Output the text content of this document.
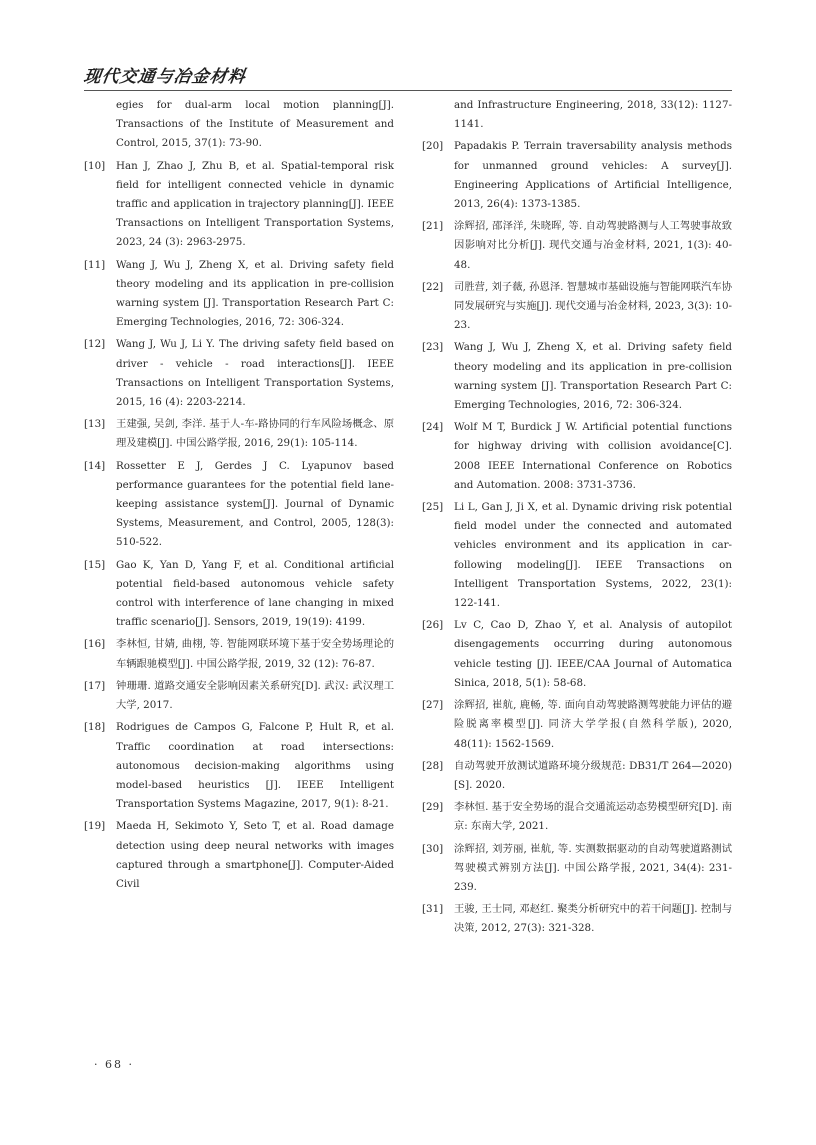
现代交通与冶金材料
egies for dual-arm local motion planning[J]. Transactions of the Institute of Measurement and Control, 2015, 37(1): 73-90.
[10] Han J, Zhao J, Zhu B, et al. Spatial-temporal risk field for intelligent connected vehicle in dynamic traffic and application in trajectory planning[J]. IEEE Transactions on Intelligent Transportation Systems, 2023, 24 (3): 2963-2975.
[11] Wang J, Wu J, Zheng X, et al. Driving safety field theory modeling and its application in pre-collision warning system [J]. Transportation Research Part C: Emerging Technologies, 2016, 72: 306-324.
[12] Wang J, Wu J, Li Y. The driving safety field based on driver - vehicle - road interactions[J]. IEEE Transactions on Intelligent Transportation Systems, 2015, 16 (4): 2203-2214.
[13] 王建强, 吴剑, 李洋. 基于人-车-路协同的行车风险场概念、原理及建模[J]. 中国公路学报, 2016, 29(1): 105-114.
[14] Rossetter E J, Gerdes J C. Lyapunov based performance guarantees for the potential field lane-keeping assistance system[J]. Journal of Dynamic Systems, Measurement, and Control, 2005, 128(3): 510-522.
[15] Gao K, Yan D, Yang F, et al. Conditional artificial potential field-based autonomous vehicle safety control with interference of lane changing in mixed traffic scenario[J]. Sensors, 2019, 19(19): 4199.
[16] 李林恒, 甘婧, 曲栩, 等. 智能网联环境下基于安全势场理论的车辆跟驰模型[J]. 中国公路学报, 2019, 32 (12): 76-87.
[17] 钟珊珊. 道路交通安全影响因素关系研究[D]. 武汉: 武汉理工大学, 2017.
[18] Rodrigues de Campos G, Falcone P, Hult R, et al. Traffic coordination at road intersections: autonomous decision-making algorithms using model-based heuristics [J]. IEEE Intelligent Transportation Systems Magazine, 2017, 9(1): 8-21.
[19] Maeda H, Sekimoto Y, Seto T, et al. Road damage detection using deep neural networks with images captured through a smartphone[J]. Computer-Aided Civil
and Infrastructure Engineering, 2018, 33(12): 1127-1141.
[20] Papadakis P. Terrain traversability analysis methods for unmanned ground vehicles: A survey[J]. Engineering Applications of Artificial Intelligence, 2013, 26(4): 1373-1385.
[21] 涂辉招, 邵泽洋, 朱晓晖, 等. 自动驾驶路测与人工驾驶事故致因影响对比分析[J]. 现代交通与冶金材料, 2021, 1(3): 40-48.
[22] 司胜营, 刘子薇, 孙恩泽. 智慧城市基础设施与智能网联汽车协同发展研究与实施[J]. 现代交通与冶金材料, 2023, 3(3): 10-23.
[23] Wang J, Wu J, Zheng X, et al. Driving safety field theory modeling and its application in pre-collision warning system [J]. Transportation Research Part C: Emerging Technologies, 2016, 72: 306-324.
[24] Wolf M T, Burdick J W. Artificial potential functions for highway driving with collision avoidance[C]. 2008 IEEE International Conference on Robotics and Automation. 2008: 3731-3736.
[25] Li L, Gan J, Ji X, et al. Dynamic driving risk potential field model under the connected and automated vehicles environment and its application in car-following modeling[J]. IEEE Transactions on Intelligent Transportation Systems, 2022, 23(1): 122-141.
[26] Lv C, Cao D, Zhao Y, et al. Analysis of autopilot disengagements occurring during autonomous vehicle testing [J]. IEEE/CAA Journal of Automatica Sinica, 2018, 5(1): 58-68.
[27] 涂辉招, 崔航, 鹿畅, 等. 面向自动驾驶路测驾驶能力评估的避险脱离率模型[J]. 同济大学学报(自然科学版), 2020, 48(11): 1562-1569.
[28] 自动驾驶开放测试道路环境分级规范: DB31/T 264—2020)[S]. 2020.
[29] 李林恒. 基于安全势场的混合交通流运动态势模型研究[D]. 南京: 东南大学, 2021.
[30] 涂辉招, 刘芳丽, 崔航, 等. 实测数据驱动的自动驾驶道路测试驾驶模式辨别方法[J]. 中国公路学报, 2021, 34(4): 231-239.
[31] 王骏, 王士同, 邓赵红. 聚类分析研究中的若干问题[J]. 控制与决策, 2012, 27(3): 321-328.
· 68 ·
